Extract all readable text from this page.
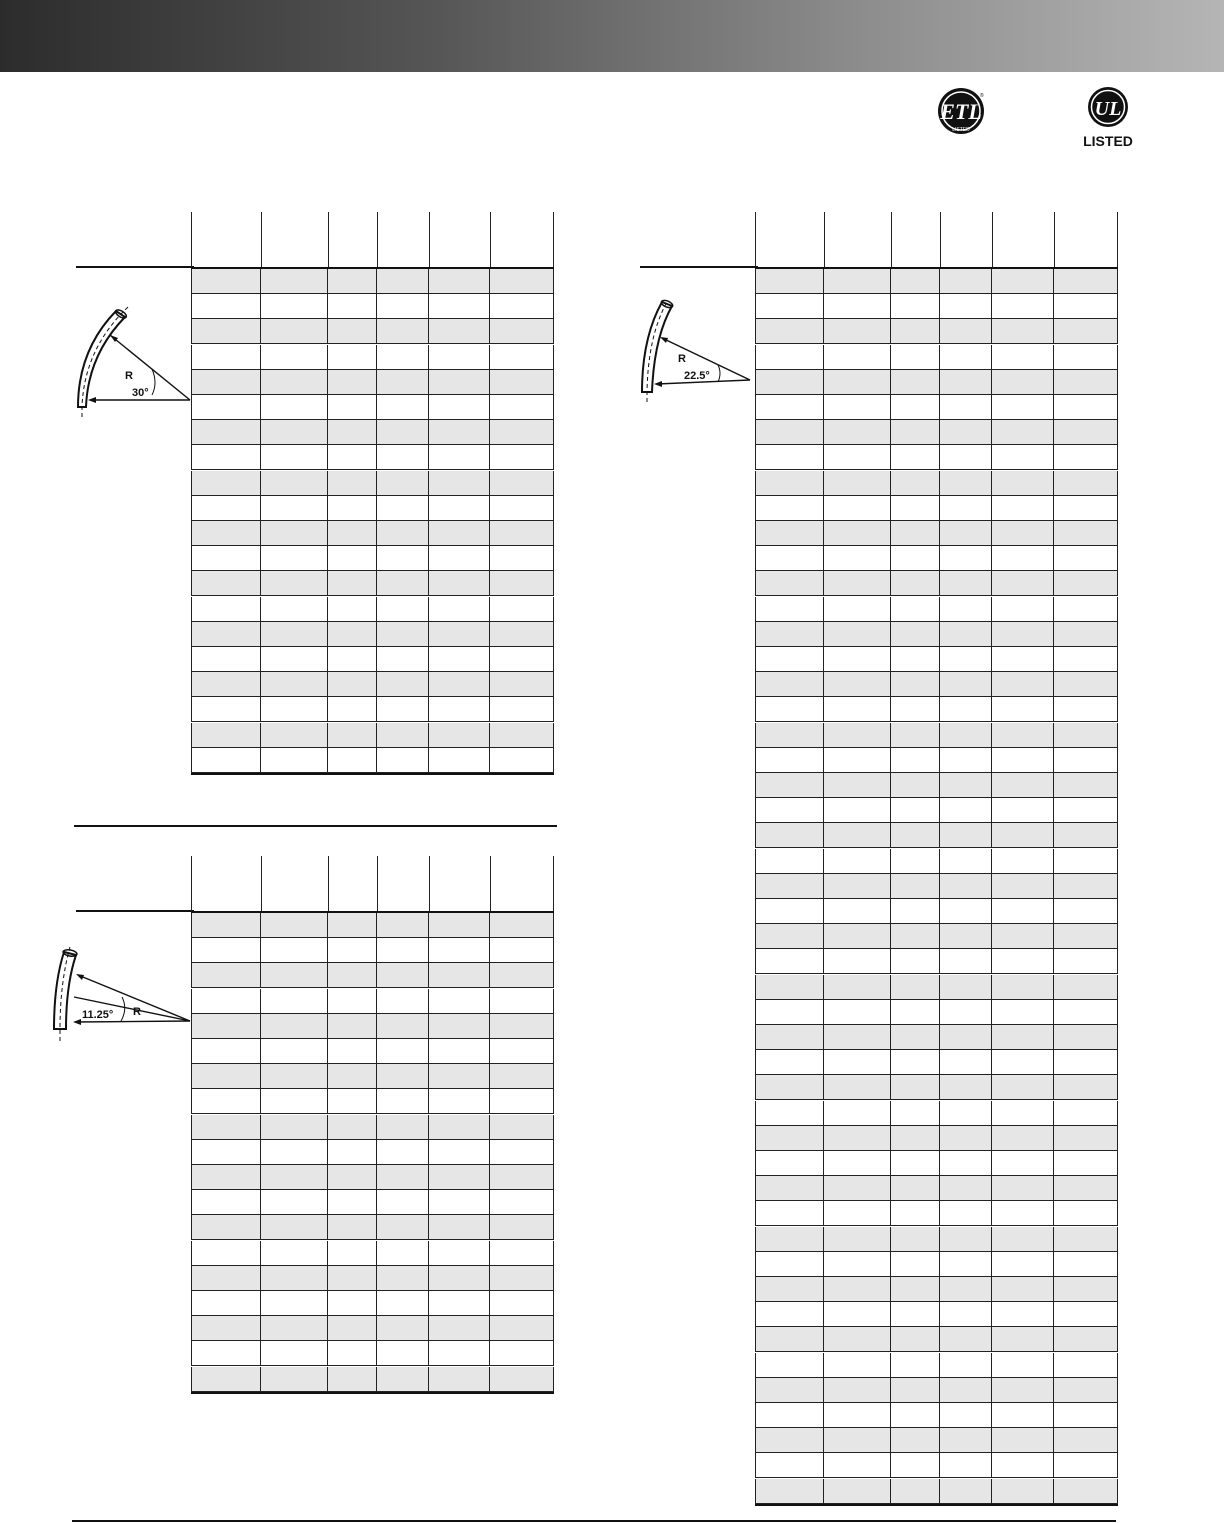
ETL
LISTED
®
UL
LISTED
R
30°
R
22.5°
R
11.25°
